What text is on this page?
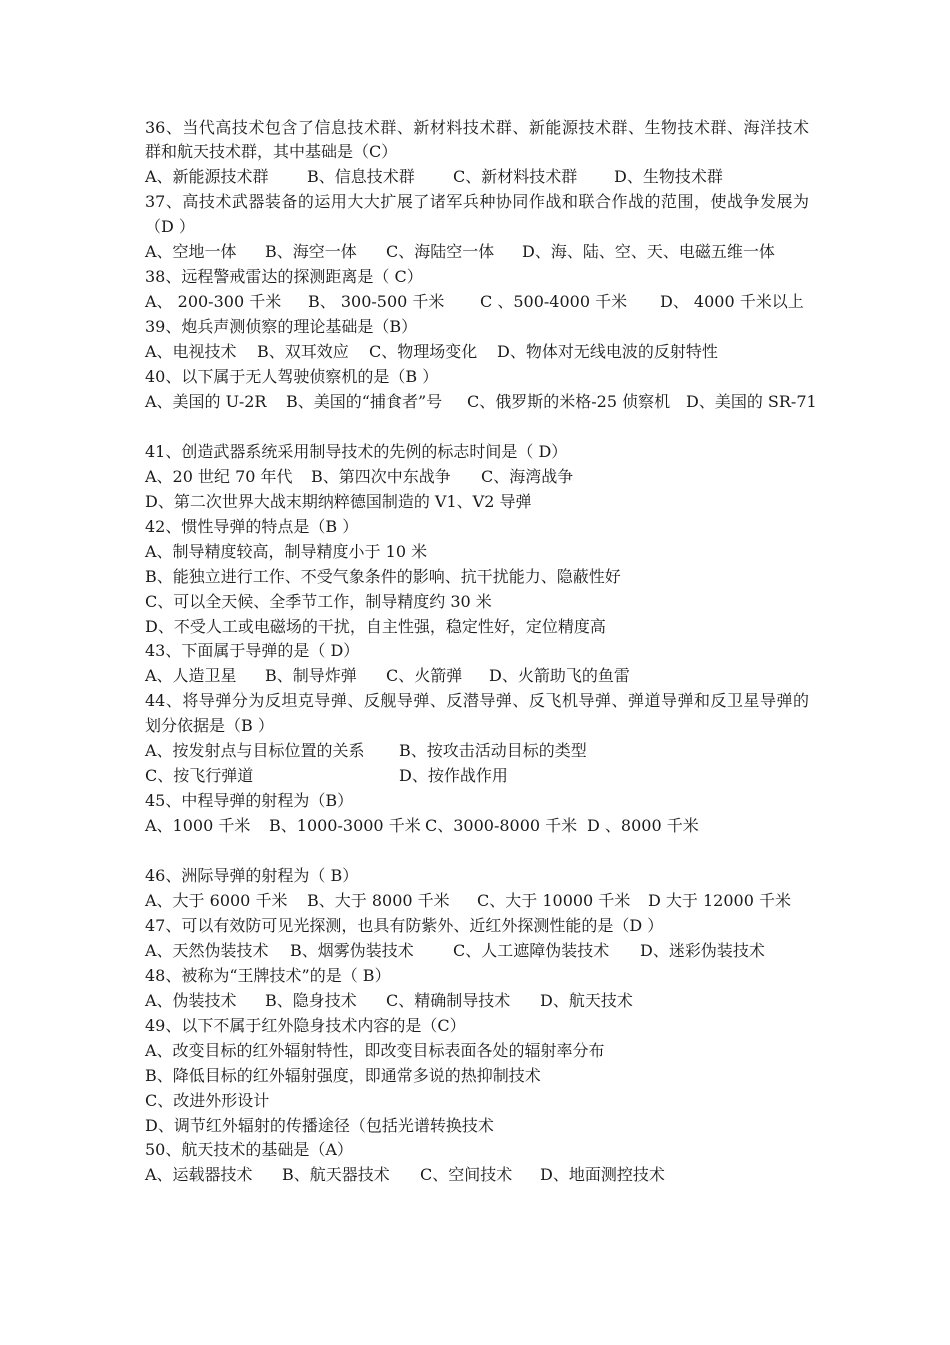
36、当代高技术包含了信息技术群、新材料技术群、新能源技术群、生物技术群、海洋技术
群和航天技术群，其中基础是（C）
A、新能源技术群 B、信息技术群 C、新材料技术群 D、生物技术群
37、高技术武器装备的运用大大扩展了诸军兵种协同作战和联合作战的范围，使战争发展为
（D ）
A、空地一体 B、海空一体 C、海陆空一体 D、海、陆、空、天、电磁五维一体
38、远程警戒雷达的探测距离是（ C）
A、 200-300 千米 B、 300-500 千米 C 、500-4000 千米 D、 4000 千米以上
39、炮兵声测侦察的理论基础是（B）
A、电视技术 B、双耳效应 C、物理场变化 D、物体对无线电波的反射特性
40、以下属于无人驾驶侦察机的是（B ）
A、美国的 U-2R B、美国的“捕食者”号 C、俄罗斯的米格-25 侦察机 D、美国的 SR-71
41、创造武器系统采用制导技术的先例的标志时间是（ D）
A、20 世纪 70 年代 B、第四次中东战争 C、海湾战争
D、第二次世界大战末期纳粹德国制造的 V1、V2 导弹
42、惯性导弹的特点是（B ）
A、制导精度较高，制导精度小于 10 米
B、能独立进行工作、不受气象条件的影响、抗干扰能力、隐蔽性好
C、可以全天候、全季节工作，制导精度约 30 米
D、不受人工或电磁场的干扰，自主性强，稳定性好，定位精度高
43、下面属于导弹的是（ D）
A、人造卫星 B、制导炸弹 C、火箭弹 D、火箭助飞的鱼雷
44、将导弹分为反坦克导弹、反舰导弹、反潜导弹、反飞机导弹、弹道导弹和反卫星导弹的
划分依据是（B ）
A、按发射点与目标位置的关系 B、按攻击活动目标的类型
C、按飞行弹道	D、按作战作用
45、中程导弹的射程为（B）
A、1000 千米 B、1000-3000 千米 C、3000-8000 千米 D 、8000 千米
46、洲际导弹的射程为（ B）
A、大于 6000 千米 B、大于 8000 千米 C、大于 10000 千米 D 大于 12000 千米
47、可以有效防可见光探测，也具有防紫外、近红外探测性能的是（D ）
A、天然伪装技术 B、烟雾伪装技术 C、人工遮障伪装技术 D、迷彩伪装技术
48、被称为“王牌技术”的是（ B）
A、伪装技术 B、隐身技术 C、精确制导技术 D、航天技术
49、以下不属于红外隐身技术内容的是（C）
A、改变目标的红外辐射特性，即改变目标表面各处的辐射率分布
B、降低目标的红外辐射强度，即通常多说的热抑制技术
C、改进外形设计
D、调节红外辐射的传播途径（包括光谱转换技术
50、航天技术的基础是（A）
A、运载器技术 B、航天器技术 C、空间技术 D、地面测控技术
